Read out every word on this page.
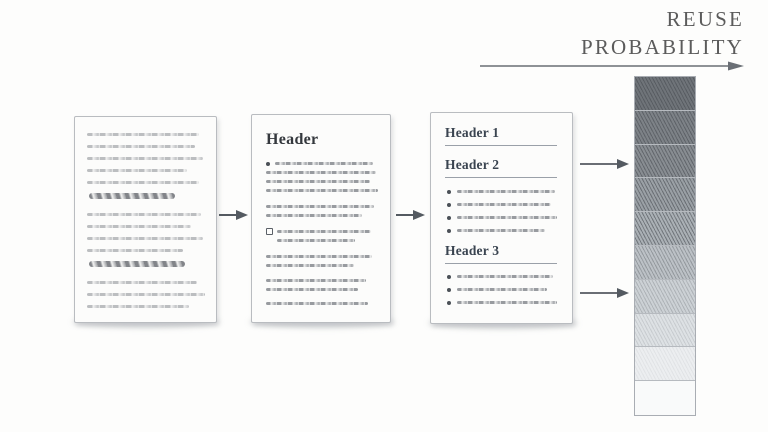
REUSE
PROBABILITY
Header	Header 1
Header 2
Header 3
